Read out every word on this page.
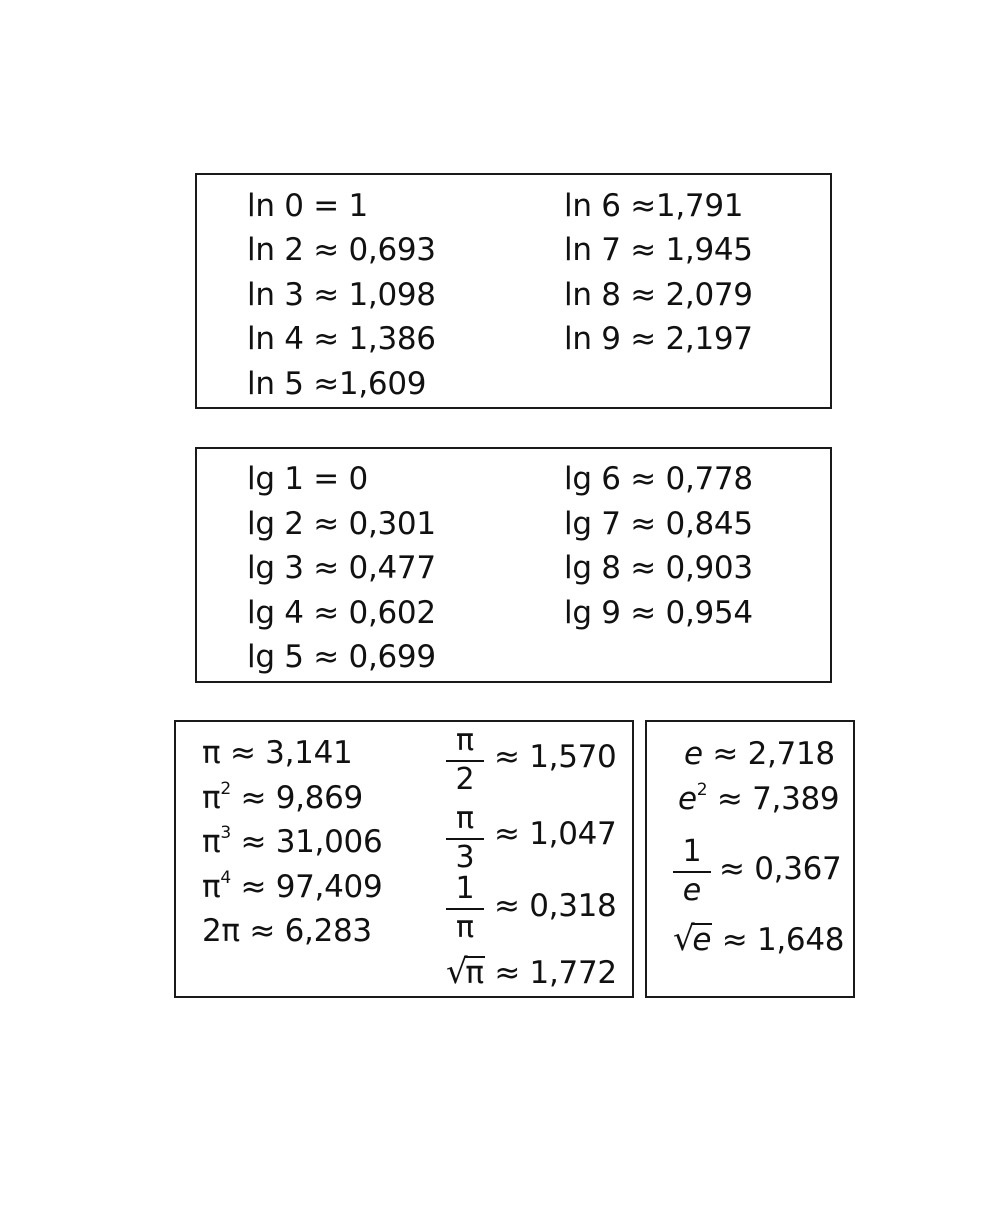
ln 0 = 1
ln 2 ≈ 0,693
ln 3 ≈ 1,098
ln 4 ≈ 1,386
ln 5 ≈1,609
ln 6 ≈1,791
ln 7 ≈ 1,945
ln 8 ≈ 2,079
ln 9 ≈ 2,197
lg 1 = 0
lg 2 ≈ 0,301
lg 3 ≈ 0,477
lg 4 ≈ 0,602
lg 5 ≈ 0,699
lg 6 ≈ 0,778
lg 7 ≈ 0,845
lg 8 ≈ 0,903
lg 9 ≈ 0,954
π ≈ 3,141
$\pi^2 \approx 9,869$
$\pi^3 \approx 31,006$
$\pi^4 \approx 97,409$
2π ≈ 6,283
π
2
≈ 1,570
π
3
≈ 1,047
1
π
≈ 0,318
√π ≈ 1,772
e ≈ 2,718
$e^2 \approx 7,389$
1
e
≈ 0,367
√e ≈ 1,648
